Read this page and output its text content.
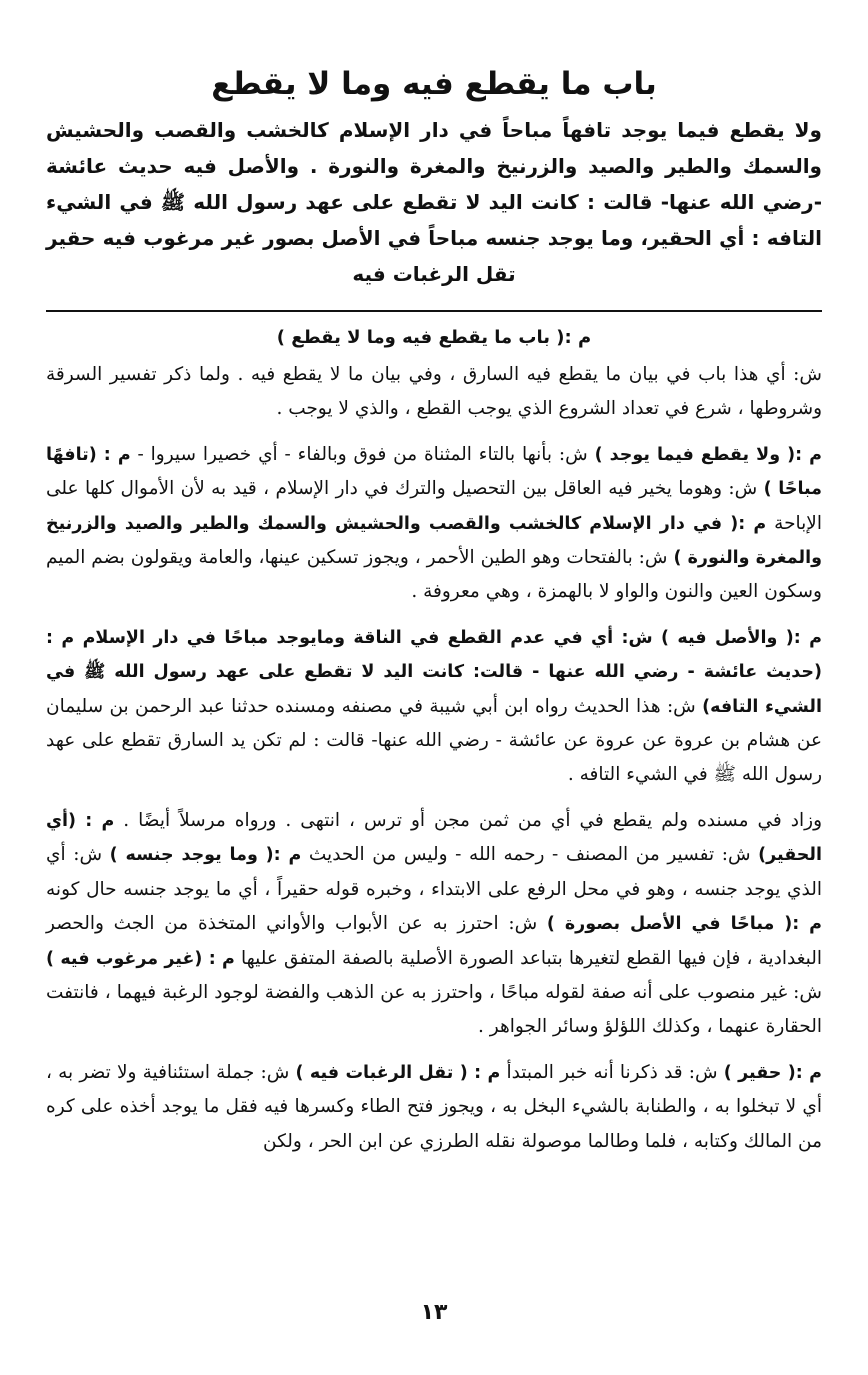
باب ما يقطع فيه وما لا يقطع

ولا يقطع فيما يوجد تافهاً مباحاً في دار الإسلام كالخشب والقصب والحشيش والسمك والطير والصيد والزرنيخ والمغرة والنورة . والأصل فيه حديث عائشة -رضي الله عنها- قالت : كانت اليد لا تقطع على عهد رسول الله ﷺ في الشيء التافه : أي الحقير، وما يوجد جنسه مباحاً في الأصل بصور غير مرغوب فيه حقير تقل الرغبات فيه

م :( باب ما يقطع فيه وما لا يقطع )

ش: أي هذا باب في بيان ما يقطع فيه السارق ، وفي بيان ما لا يقطع فيه . ولما ذكر تفسير السرقة وشروطها ، شرع في تعداد الشروع الذي يوجب القطع ، والذي لا يوجب .

م :( ولا يقطع فيما يوجد ) ش: بأنها بالتاء المثناة من فوق وبالفاء - أي خصيرا سيروا - م : (تافهًا مباحًا ) ش: وهوما يخير فيه العاقل بين التحصيل والترك في دار الإسلام ، قيد به لأن الأموال كلها على الإباحة م :( في دار الإسلام كالخشب والقصب والحشيش والسمك والطير والصيد والزرنيخ والمغرة والنورة ) ش: بالفتحات وهو الطين الأحمر ، ويجوز تسكين عينها، والعامة ويقولون بضم الميم وسكون العين والنون والواو لا بالهمزة ، وهي معروفة .

م :( والأصل فيه ) ش: أي في عدم القطع في الناقة ومايوجد مباحًا في دار الإسلام م : (حديث عائشة - رضي الله عنها - قالت: كانت اليد لا تقطع على عهد رسول الله ﷺ في الشيء التافه) ش: هذا الحديث رواه ابن أبي شيبة في مصنفه ومسنده حدثنا عبد الرحمن بن سليمان عن هشام بن عروة عن عروة عن عائشة - رضي الله عنها- قالت : لم تكن يد السارق تقطع على عهد رسول الله ﷺ في الشيء التافه .

وزاد في مسنده ولم يقطع في أي من ثمن مجن أو ترس ، انتهى . ورواه مرسلاً أيضًا . م : (أي الحقير) ش: تفسير من المصنف - رحمه الله - وليس من الحديث م :( وما يوجد جنسه ) ش: أي الذي يوجد جنسه ، وهو في محل الرفع على الابتداء ، وخبره قوله حقيراً ، أي ما يوجد جنسه حال كونه م :( مباحًا في الأصل بصورة ) ش: احترز به عن الأبواب والأواني المتخذة من الجث والحصر البغدادية ، فإن فيها القطع لتغيرها بتباعد الصورة الأصلية بالصفة المتفق عليها م : (غير مرغوب فيه ) ش: غير منصوب على أنه صفة لقوله مباحًا ، واحترز به عن الذهب والفضة لوجود الرغبة فيهما ، فانتفت الحقارة عنهما ، وكذلك اللؤلؤ وسائر الجواهر .

م :( حقير ) ش: قد ذكرنا أنه خبر المبتدأ م : ( تقل الرغبات فيه ) ش: جملة استئنافية ولا تضر به ، أي لا تبخلوا به ، والطنابة بالشيء البخل به ، ويجوز فتح الطاء وكسرها فيه فقل ما يوجد أخذه على كره من المالك وكتابه ، فلما وطالما موصولة نقله الطرزي عن ابن الحر ، ولكن

١٣
